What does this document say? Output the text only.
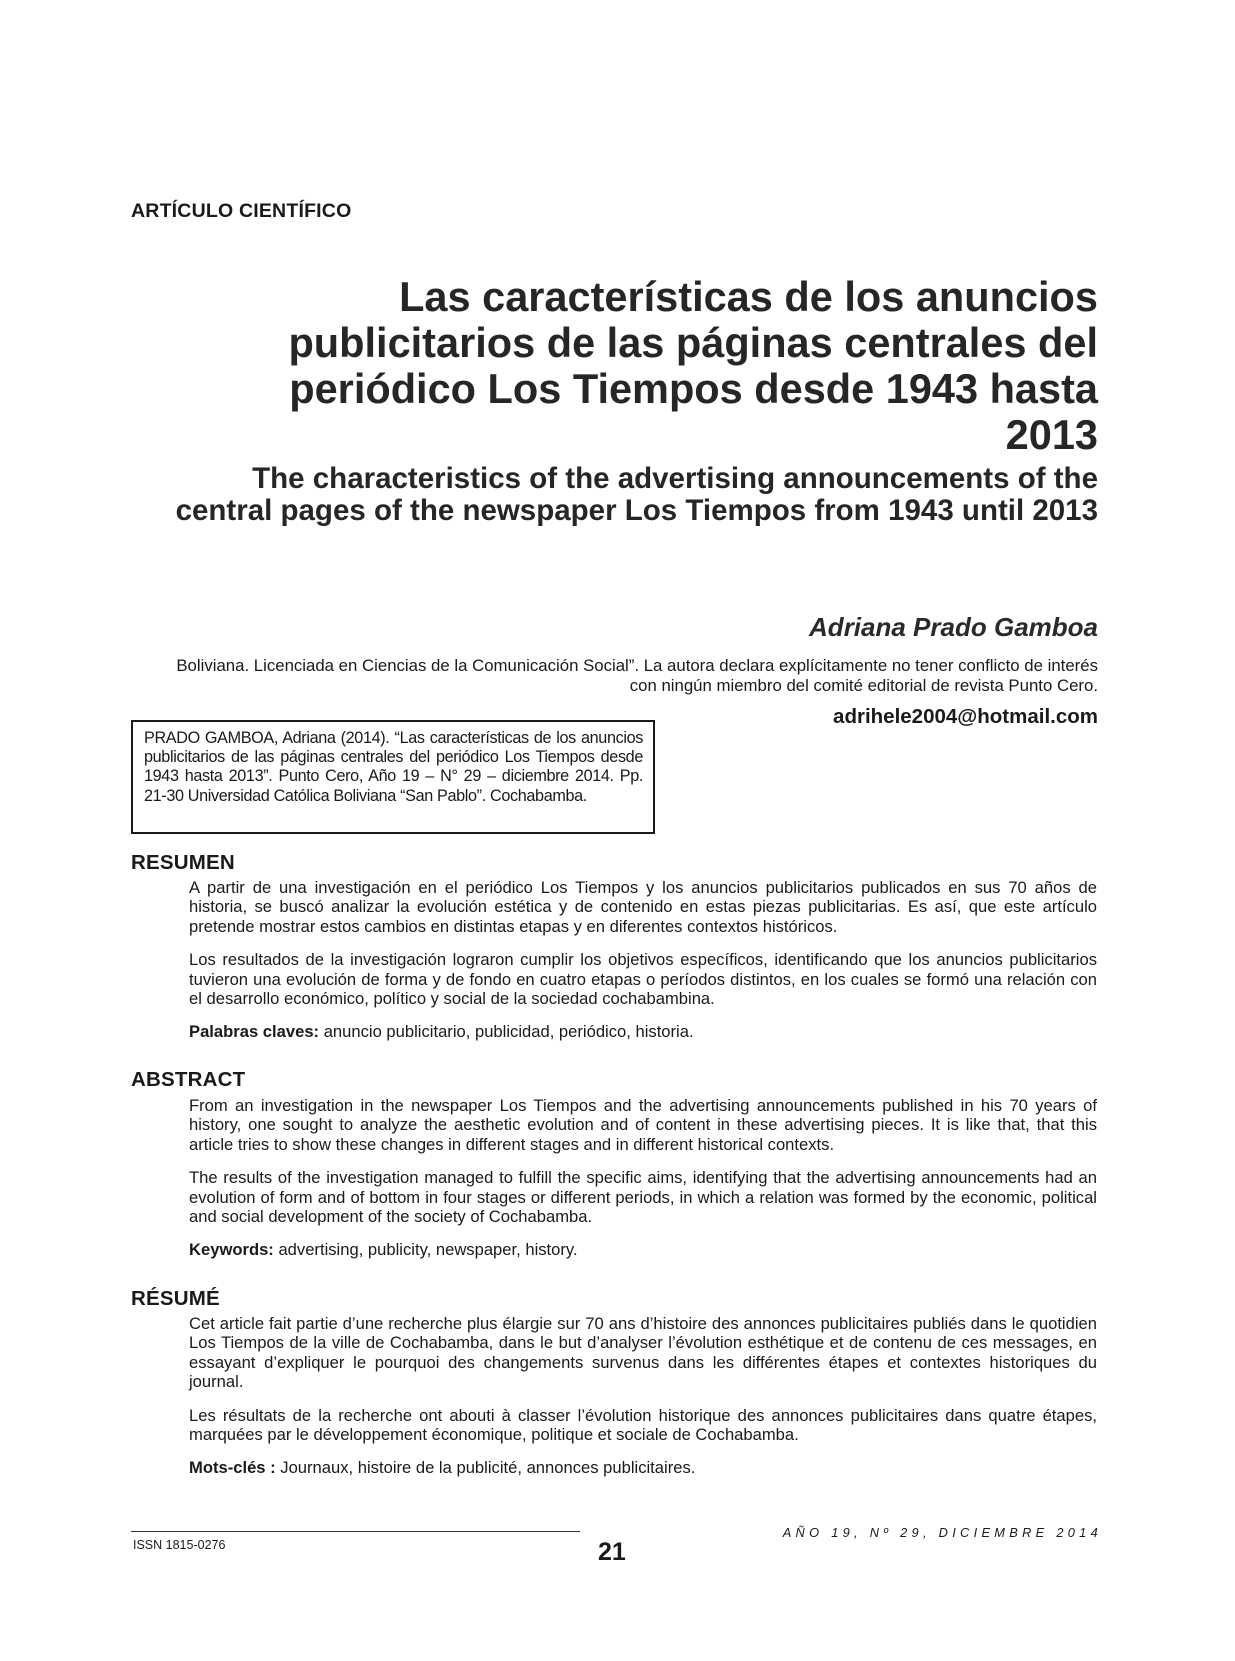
ARTÍCULO CIENTÍFICO
Las características de los anuncios publicitarios de las páginas centrales del periódico Los Tiempos desde 1943 hasta 2013
The characteristics of the advertising announcements of the central pages of the newspaper Los Tiempos from 1943 until 2013
Adriana Prado Gamboa
Boliviana. Licenciada en Ciencias de la Comunicación Social”. La autora declara explícitamente no tener conflicto de interés con ningún miembro del comité editorial de revista Punto Cero.
adrihele2004@hotmail.com
PRADO GAMBOA, Adriana (2014). “Las características de los anuncios publicitarios de las páginas centrales del periódico Los Tiempos desde 1943 hasta 2013”. Punto Cero, Año 19 – N° 29 – diciembre 2014. Pp. 21-30 Universidad Católica Boliviana “San Pablo”. Cochabamba.
RESUMEN

A partir de una investigación en el periódico Los Tiempos y los anuncios publicitarios publicados en sus 70 años de historia, se buscó analizar la evolución estética y de contenido en estas piezas publicitarias. Es así, que este artículo pretende mostrar estos cambios en distintas etapas y en diferentes contextos históricos.

Los resultados de la investigación lograron cumplir los objetivos específicos, identificando que los anuncios publicitarios tuvieron una evolución de forma y de fondo en cuatro etapas o períodos distintos, en los cuales se formó una relación con el desarrollo económico, político y social de la sociedad cochabambina.

Palabras claves: anuncio publicitario, publicidad, periódico, historia.

ABSTRACT

From an investigation in the newspaper Los Tiempos and the advertising announcements published in his 70 years of history, one sought to analyze the aesthetic evolution and of content in these advertising pieces. It is like that, that this article tries to show these changes in different stages and in different historical contexts.

The results of the investigation managed to fulfill the specific aims, identifying that the advertising announcements had an evolution of form and of bottom in four stages or different periods, in which a relation was formed by the economic, political and social development of the society of Cochabamba.

Keywords: advertising, publicity, newspaper, history.

RÉSUMÉ

Cet article fait partie d’une recherche plus élargie sur 70 ans d’histoire des annonces publicitaires publiés dans le quotidien Los Tiempos de la ville de Cochabamba, dans le but d’analyser l’évolution esthétique et de contenu de ces messages, en essayant d’expliquer le pourquoi des changements survenus dans les différentes étapes et contextes historiques du journal.

Les résultats de la recherche ont abouti à classer l’évolution historique des annonces publicitaires dans quatre étapes, marquées par le développement économique, politique et sociale de Cochabamba.

Mots-clés : Journaux, histoire de la publicité, annonces publicitaires.

ISSN 1815-0276	21
AÑO 19, Nº 29, DICIEMBRE 2014
